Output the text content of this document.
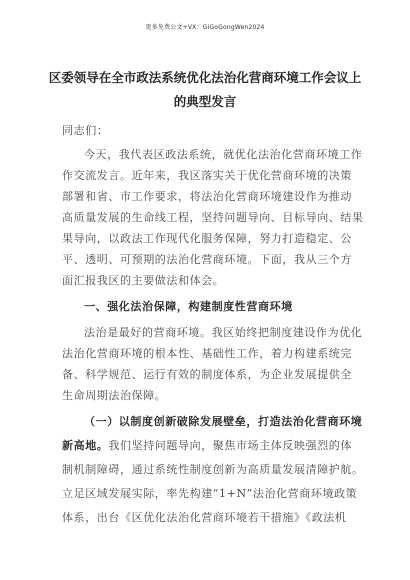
更多免费公文+VX：GiGoGongWen2024
区委领导在全市政法系统优化法治化营商环境工作会议上
的典型发言
同志们：
今天，我代表区政法系统，就优化法治化营商环境工作
作交流发言。近年来，我区落实关于优化营商环境的决策
部署和省、市工作要求，将法治化营商环境建设作为推动
高质量发展的生命线工程，坚持问题导向、目标导向、结果
果导向，以政法工作现代化服务保障，努力打造稳定、公
平、透明、可预期的法治化营商环境。下面，我从三个方
面汇报我区的主要做法和体会。
一、强化法治保障，构建制度性营商环境
法治是最好的营商环境。我区始终把制度建设作为优化
法治化营商环境的根本性、基础性工作，着力构建系统完
备、科学规范、运行有效的制度体系，为企业发展提供全
生命周期法治保障。
（一）以制度创新破除发展壁垒，打造法治化营商环境
新高地。我们坚持问题导向，聚焦市场主体反映强烈的体
制机制障碍，通过系统性制度创新为高质量发展清障护航。
立足区域发展实际，率先构建“1+N”法治化营商环境政策
体系，出台《区优化法治化营商环境若干措施》《政法机
